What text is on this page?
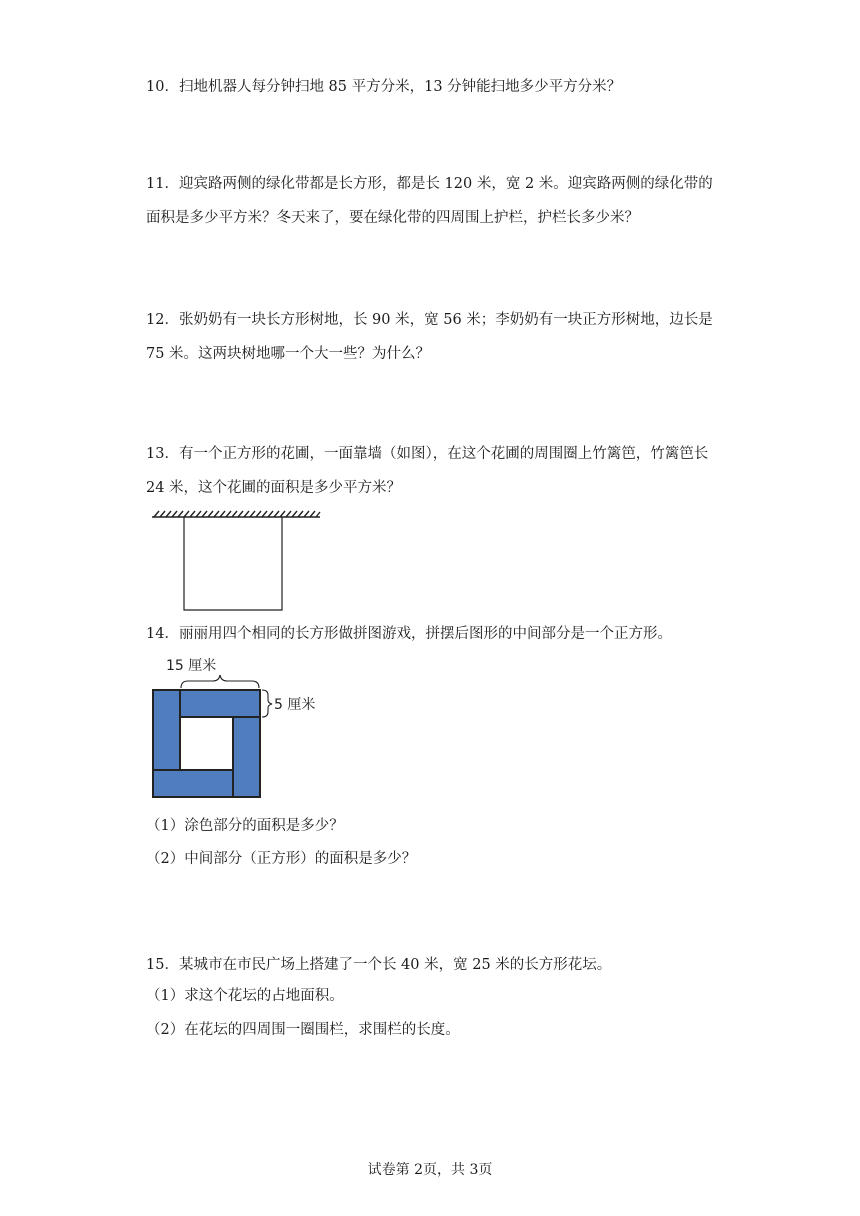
10．扫地机器人每分钟扫地 85 平方分米，13 分钟能扫地多少平方分米？
11．迎宾路两侧的绿化带都是长方形，都是长 120 米，宽 2 米。迎宾路两侧的绿化带的面积是多少平方米？冬天来了，要在绿化带的四周围上护栏，护栏长多少米？
12．张奶奶有一块长方形树地，长 90 米，宽 56 米；李奶奶有一块正方形树地，边长是 75 米。这两块树地哪一个大一些？为什么？
13．有一个正方形的花圃，一面靠墙（如图），在这个花圃的周围圈上竹篱笆，竹篱笆长 24 米，这个花圃的面积是多少平方米？
14．丽丽用四个相同的长方形做拼图游戏，拼摆后图形的中间部分是一个正方形。
15 厘米
5 厘米
（1）涂色部分的面积是多少？
（2）中间部分（正方形）的面积是多少？
15．某城市在市民广场上搭建了一个长 40 米，宽 25 米的长方形花坛。
（1）求这个花坛的占地面积。
（2）在花坛的四周围一圈围栏，求围栏的长度。
试卷第 2页，共 3页
